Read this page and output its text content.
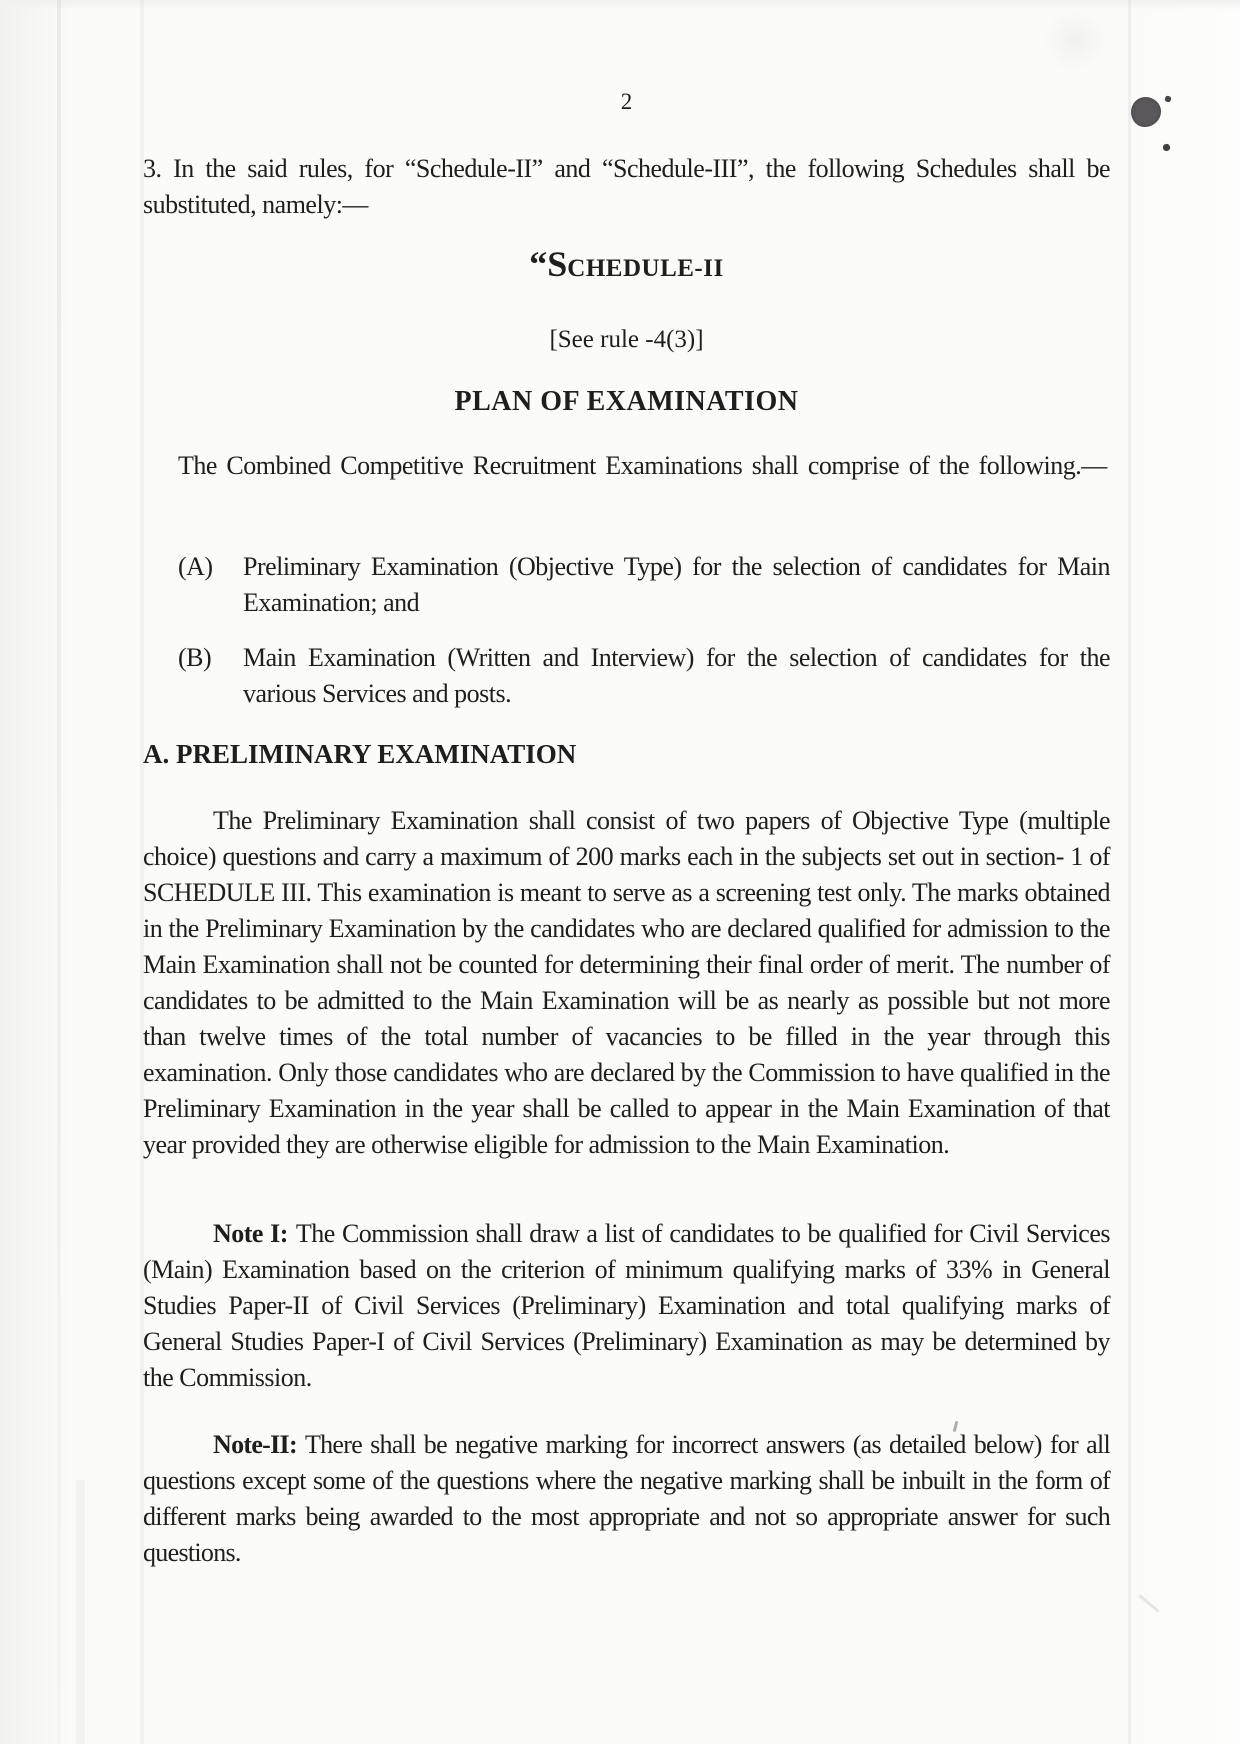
2
3. In the said rules, for “Schedule-II” and “Schedule-III”, the following Schedules shall be substituted, namely:—
“SCHEDULE-II
[See rule -4(3)]
PLAN OF EXAMINATION
The Combined Competitive Recruitment Examinations shall comprise of the following.—
(A) Preliminary Examination (Objective Type) for the selection of candidates for Main Examination; and
(B) Main Examination (Written and Interview) for the selection of candidates for the various Services and posts.
A. PRELIMINARY EXAMINATION
The Preliminary Examination shall consist of two papers of Objective Type (multiple choice) questions and carry a maximum of 200 marks each in the subjects set out in section- 1 of SCHEDULE III. This examination is meant to serve as a screening test only. The marks obtained in the Preliminary Examination by the candidates who are declared qualified for admission to the Main Examination shall not be counted for determining their final order of merit. The number of candidates to be admitted to the Main Examination will be as nearly as possible but not more than twelve times of the total number of vacancies to be filled in the year through this examination. Only those candidates who are declared by the Commission to have qualified in the Preliminary Examination in the year shall be called to appear in the Main Examination of that year provided they are otherwise eligible for admission to the Main Examination.
Note I: The Commission shall draw a list of candidates to be qualified for Civil Services (Main) Examination based on the criterion of minimum qualifying marks of 33% in General Studies Paper-II of Civil Services (Preliminary) Examination and total qualifying marks of General Studies Paper-I of Civil Services (Preliminary) Examination as may be determined by the Commission.
Note-II: There shall be negative marking for incorrect answers (as detailed below) for all questions except some of the questions where the negative marking shall be inbuilt in the form of different marks being awarded to the most appropriate and not so appropriate answer for such questions.
